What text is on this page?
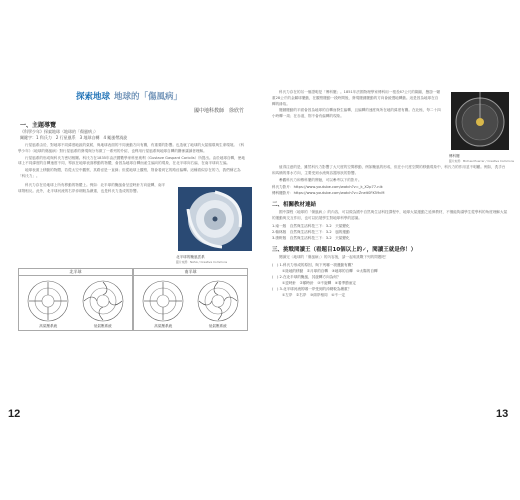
探索地球 地球的「傷風病」
國中地科教師　徐欣竹
一、主題導覽
《科學少年》探索地球〈地球的「傷風病」〉
關鍵字：1 科氏力　2 行星風系　3 地球自轉　4 颱風帶渦旋

行星風系由於，對地球不同緯度地區的氣候，與地球表面的不同流動方向有關，有重要的影響。也造就了地球的大氣循環與生命環境。《科學少年》〈地球的傷風病〉對行星風系的發現與分布做了一系列的介紹，也利用行星風系與地球自轉的關係讓讀者理解。

行星風系的形成與科氏力密切相關。科氏力在1835年由法國數學家科里奧利（Gustave Gaspard Coriolis）所提出。由於地球自轉，使地球上不同緯度的自轉速度不同，導致在地球表面移動的物體，會因為地球自轉而產生偏向的現象，在北半球向右偏、在南半球向左偏。

地球表面上移動的物體，若從太空中觀察，其路徑是一直線；但從地球上觀察，則會看到它的路徑偏轉。這種看似存在的力，我們稱它為「科氏力」。

科氏力存在於地球上所有移動的物體上。例如：北半球的颱風會呈逆時針方向旋轉，南半球則相反。此外，北半球河流的右岸沖刷較為嚴重，也是科氏力造成的影響。

北半球的颱風雲系
圖片來源：NASA / Creative Commons
北半球
高氣壓系統	低氣壓系統
南半球
高氣壓系統	低氣壓系統

科氏力存在的另一個證明是「傅科擺」。1851年法國物理學家傅科用一根長67公尺的鋼絲，懸掛一顆重28公斤的金屬球擺動，在觀察擺動一段時間後，發現擺錘擺動的方向會緩慢地轉動。這是因為地球在自轉的緣故。

擺錘擺動的平面會因為地球的自轉而發生偏轉，且偏轉的速度與所在地的緯度有關。在北極，每二十四小時轉一周；在赤道，則不會有偏轉的現象。

傅科擺
圖片來源：Michael Puerrer / Creative Commons

值得注意的是，雖然科氏力影響了大尺度的空間移動，例如颱風的形成，但在小尺度空間的移動現象中，科氏力的作用並不明顯。例如，洗手台和馬桶的排水方向，主要受到水流與容器形狀的影響。

參觀科氏力和傅科擺的實驗，可以參考以下的影片。

科氏力影片：https://www.youtube.com/watch?v=_k_X2p77-nik
傅科擺影片：https://www.youtube.com/watch?v=Zneit0FK59cM
二、相關教材連結

國中課程〈地球的「傷風病」〉的內容，可以做為國中自然與生活科技課程中，地球大氣運動之延伸教材，不僅能夠讓學生從學科的角度理解大氣的運動與交互作用，也可以拓展學生對地球科學的認識。

1.南一版　自然與生活科技三下：3-2　天氣變化
2.翰林版　自然與生活科技三下：3-2　風的運動
3.康軒版　自然與生活科技三下：3-2　天氣變化
三、挑戰閱讀王（看題目10個以上的✓，閱讀王就是你！）

閱讀完〈地球的「傷風病」〉的內容後，請一起來挑戰下列的問題吧！

(　) 1.科氏力形成的原因，與下列哪一項運動有關？
①陸地的移動　②月球的自轉　③地球的自轉　④太陽的自轉
(　) 2.在北半球的颱風，其旋轉方向為何？
①逆時針　②順時針　③不旋轉　④看季節而定
(　) 3.北半球河流的哪一岸受到的沖刷較為嚴重？
①左岸　②右岸　③兩岸相同　④不一定
12	13
